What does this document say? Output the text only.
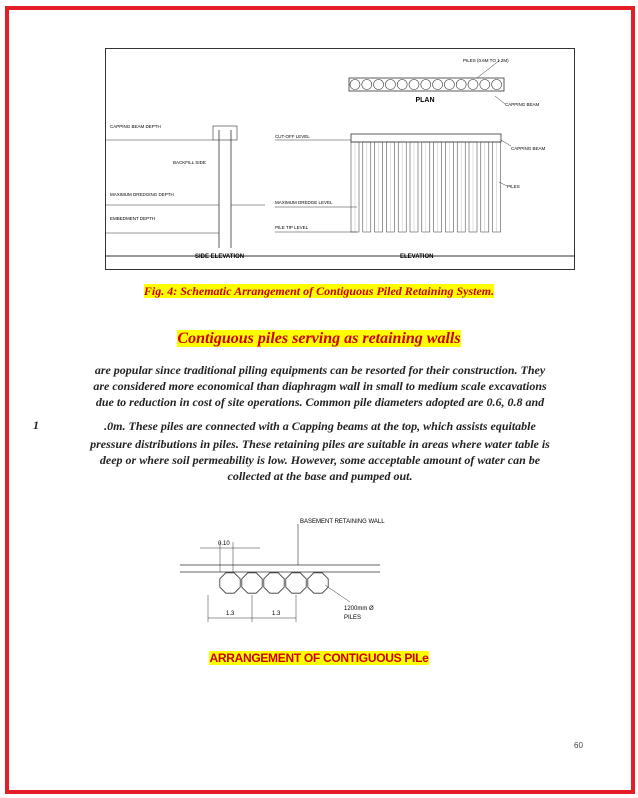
PLAN
PILES (0.6M TO 1.2M)
CAPPING BEAM
CAPPING BEAM DEPTH
BACKFILL SIDE
MAXIMUM DREDGING DEPTH
EMBEDMENT DEPTH
SIDE ELEVATION
CUT-OFF LEVEL
MAXIMUM DREDGE LEVEL
PILE TIP LEVEL
CAPPING BEAM
PILES
ELEVATION
Fig. 4: Schematic Arrangement of Contiguous Piled Retaining System.
Contiguous piles serving as retaining walls
are popular since traditional piling equipments can be resorted for their construction. They
are considered more economical than diaphragm wall in small to medium scale excavations
due to reduction in cost of site operations. Common pile diameters adopted are 0.6, 0.8 and
1	.0m. These piles are connected with a Capping beams at the top, which assists equitable
pressure distributions in piles. These retaining piles are suitable in areas where water table is
deep or where soil permeability is low. However, some acceptable amount of water can be
collected at the base and pumped out.
BASEMENT RETAINING WALL
0.10
1.3	1.3
1200mm Ø
PILES
ARRANGEMENT OF CONTIGUOUS PILe
60
